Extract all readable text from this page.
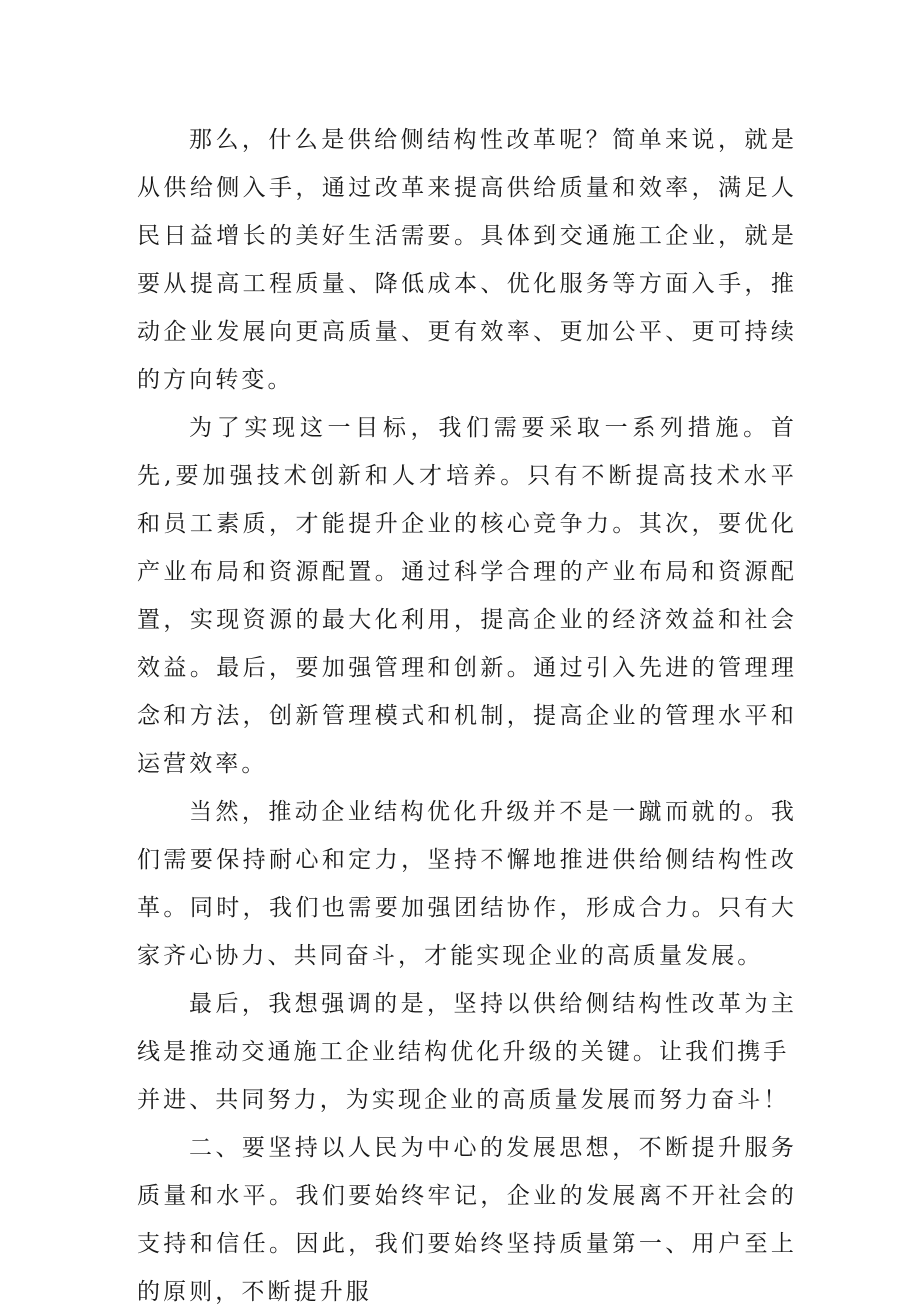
那么，什么是供给侧结构性改革呢？简单来说，就是从供给侧入手，通过改革来提高供给质量和效率，满足人民日益增长的美好生活需要。具体到交通施工企业，就是要从提高工程质量、降低成本、优化服务等方面入手，推动企业发展向更高质量、更有效率、更加公平、更可持续的方向转变。

为了实现这一目标，我们需要采取一系列措施。首先,要加强技术创新和人才培养。只有不断提高技术水平和员工素质，才能提升企业的核心竞争力。其次，要优化产业布局和资源配置。通过科学合理的产业布局和资源配置，实现资源的最大化利用，提高企业的经济效益和社会效益。最后，要加强管理和创新。通过引入先进的管理理念和方法，创新管理模式和机制，提高企业的管理水平和运营效率。

当然，推动企业结构优化升级并不是一蹴而就的。我们需要保持耐心和定力，坚持不懈地推进供给侧结构性改革。同时，我们也需要加强团结协作，形成合力。只有大家齐心协力、共同奋斗，才能实现企业的高质量发展。

最后，我想强调的是，坚持以供给侧结构性改革为主线是推动交通施工企业结构优化升级的关键。让我们携手
并进、共同努力，为实现企业的高质量发展而努力奋斗！

二、要坚持以人民为中心的发展思想，不断提升服务质量和水平。我们要始终牢记，企业的发展离不开社会的支持和信任。因此，我们要始终坚持质量第一、用户至上的原则，不断提升服
